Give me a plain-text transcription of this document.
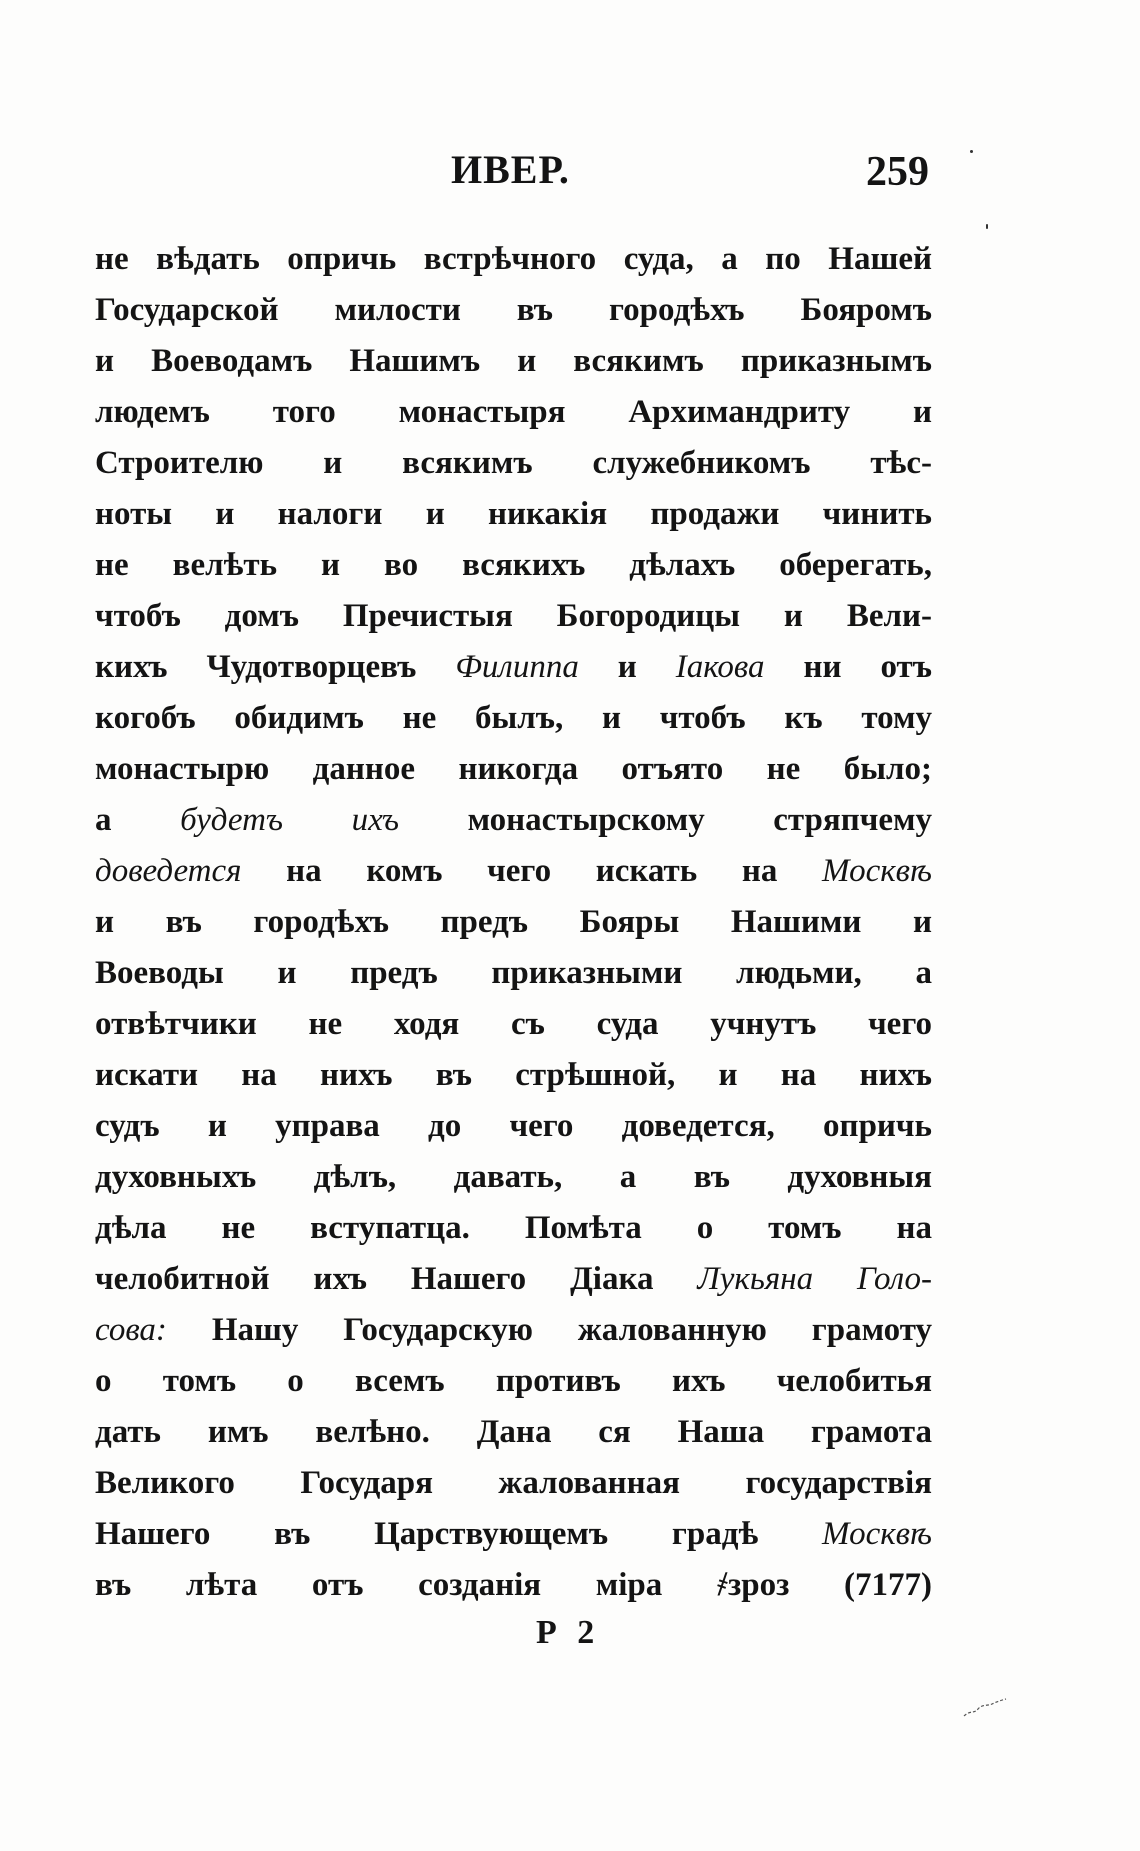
ИВЕР.	259
не вѣдать опричь встрѣчного суда, а по Нашей
Государской милости въ городѣхъ Бояромъ
и Воеводамъ Нашимъ и всякимъ приказнымъ
людемъ того монастыря Архимандриту и
Строителю и всякимъ служебникомъ тѣс-
ноты и налоги и никакія продажи чинить
не велѣть и во всякихъ дѣлахъ оберегать,
чтобъ домъ Пречистыя Богородицы и Вели-
кихъ Чудотворцевъ Филиппа и Іакова ни отъ
когобъ обидимъ не былъ, и чтобъ къ тому
монастырю данное никогда отъято не было;
а будетъ ихъ монастырскому стряпчему
доведется на комъ чего искать на Москвѣ
и въ городѣхъ предъ Бояры Нашими и
Воеводы и предъ приказными людьми, а
отвѣтчики не ходя съ суда учнутъ чего
искати на нихъ въ стрѣшной, и на нихъ
судъ и управа до чего доведется, опричь
духовныхъ дѣлъ, давать, а въ духовныя
дѣла не вступатца. Помѣта о томъ на
челобитной ихъ Нашего Діака Лукьяна Голо-
сова: Нашу Государскую жалованную грамоту
о томъ о всемъ противъ ихъ челобитья
дать имъ велѣно. Дана ся Наша грамота
Великого Государя жалованная государствія
Нашего въ Царствующемъ градѣ Москвѣ
въ лѣта отъ созданія міра ҂зроз (7177)
Р 2
